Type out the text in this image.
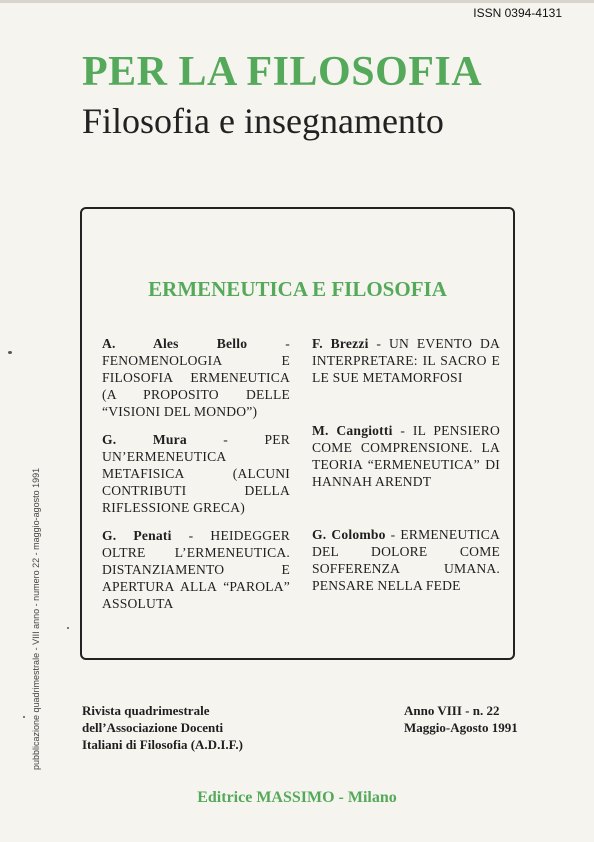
ISSN 0394-4131
PER LA FILOSOFIA
Filosofia e insegnamento
ERMENEUTICA E FILOSOFIA

A. Ales Bello - FENOMENOLOGIA E FILOSOFIA ERMENEUTICA (A PROPOSITO DELLE “VISIONI DEL MONDO”)

G. Mura - PER UN’ERMENEUTICA METAFISICA (ALCUNI CONTRIBUTI DELLA RIFLESSIONE GRECA)

G. Penati - HEIDEGGER OLTRE L’ERMENEUTICA. DISTANZIAMENTO E APERTURA ALLA “PAROLA” ASSOLUTA

F. Brezzi - UN EVENTO DA INTERPRETARE: IL SACRO E LE SUE METAMORFOSI

M. Cangiotti - IL PENSIERO COME COMPRENSIONE. LA TEORIA “ERMENEUTICA” DI HANNAH ARENDT

G. Colombo - ERMENEUTICA DEL DOLORE COME SOFFERENZA UMANA. PENSARE NELLA FEDE

pubblicazione quadrimestrale - VIII anno - numero 22 - maggio-agosto 1991	Rivista quadrimestrale
dell’Associazione Docenti
Italiani di Filosofia (A.D.I.F.)
Anno VIII - n. 22
Maggio-Agosto 1991
Editrice MASSIMO - Milano
